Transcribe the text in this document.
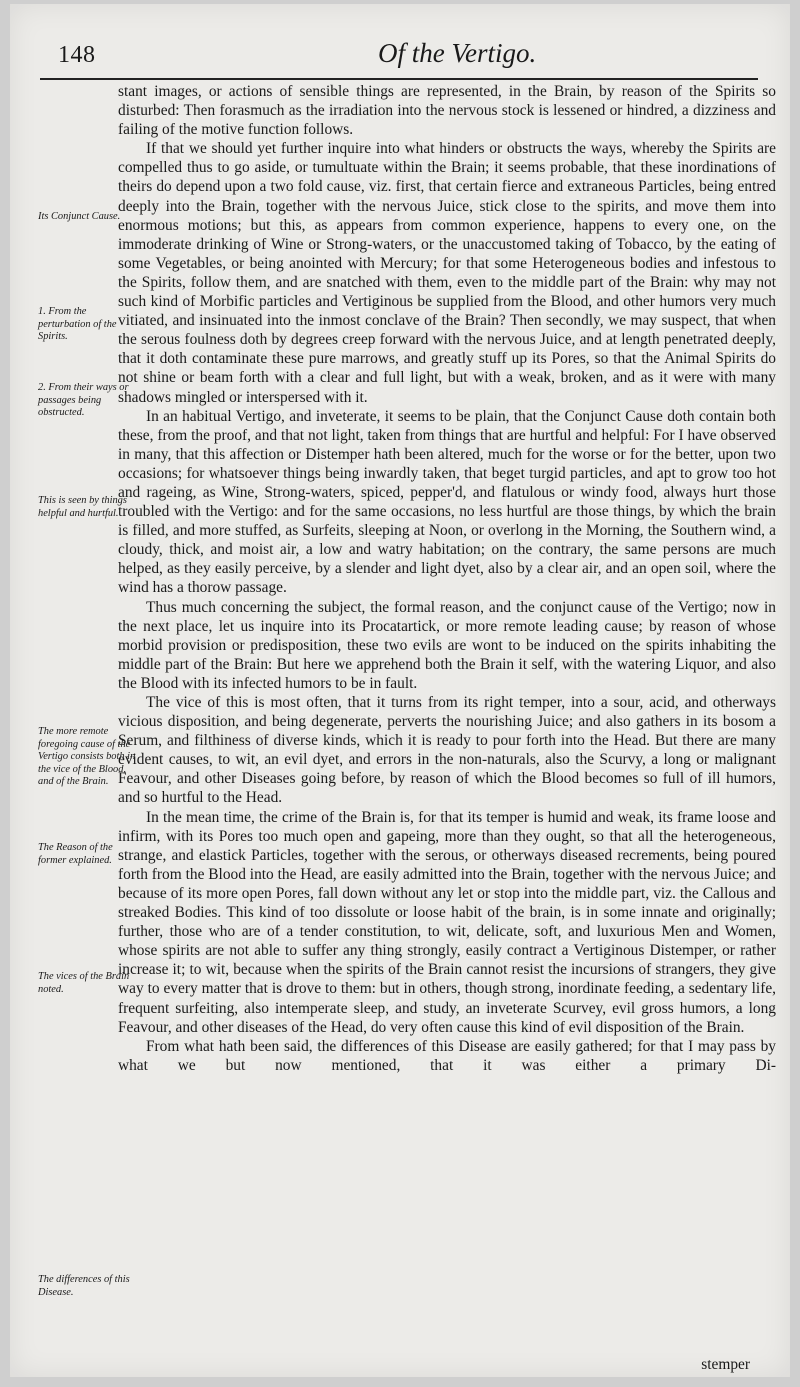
148	Of the Vertigo.
Its Conjunct Cause.
1. From the perturbation of the Spirits.
2. From their ways or passages being obstructed.
This is seen by things helpful and hurtful.
The more remote foregoing cause of the Vertigo consists both in the vice of the Blood, and of the Brain.
The Reason of the former explained.
The vices of the Brain noted.
The differences of this Disease.

stant images, or actions of sensible things are represented, in the Brain, by reason of the Spirits so disturbed: Then forasmuch as the irradiation into the nervous stock is lessened or hindred, a dizziness and failing of the motive function follows.

If that we should yet further inquire into what hinders or obstructs the ways, whereby the Spirits are compelled thus to go aside, or tumultuate within the Brain; it seems probable, that these inordinations of theirs do depend upon a two fold cause, viz. first, that certain fierce and extraneous Particles, being entred deeply into the Brain, together with the nervous Juice, stick close to the spirits, and move them into enormous motions; but this, as appears from common experience, happens to every one, on the immoderate drinking of Wine or Strong-waters, or the unaccustomed taking of Tobacco, by the eating of some Vegetables, or being anointed with Mercury; for that some Heterogeneous bodies and infestous to the Spirits, follow them, and are snatched with them, even to the middle part of the Brain: why may not such kind of Morbific particles and Vertiginous be supplied from the Blood, and other humors very much vitiated, and insinuated into the inmost conclave of the Brain? Then secondly, we may suspect, that when the serous foulness doth by degrees creep forward with the nervous Juice, and at length penetrated deeply, that it doth contaminate these pure marrows, and greatly stuff up its Pores, so that the Animal Spirits do not shine or beam forth with a clear and full light, but with a weak, broken, and as it were with many shadows mingled or interspersed with it.

In an habitual Vertigo, and inveterate, it seems to be plain, that the Conjunct Cause doth contain both these, from the proof, and that not light, taken from things that are hurtful and helpful: For I have observed in many, that this affection or Distemper hath been altered, much for the worse or for the better, upon two occasions; for whatsoever things being inwardly taken, that beget turgid particles, and apt to grow too hot and rageing, as Wine, Strong-waters, spiced, pepper'd, and flatulous or windy food, always hurt those troubled with the Vertigo: and for the same occasions, no less hurtful are those things, by which the brain is filled, and more stuffed, as Surfeits, sleeping at Noon, or overlong in the Morning, the Southern wind, a cloudy, thick, and moist air, a low and watry habitation; on the contrary, the same persons are much helped, as they easily perceive, by a slender and light dyet, also by a clear air, and an open soil, where the wind has a thorow passage.

Thus much concerning the subject, the formal reason, and the conjunct cause of the Vertigo; now in the next place, let us inquire into its Procatartick, or more remote leading cause; by reason of whose morbid provision or predisposition, these two evils are wont to be induced on the spirits inhabiting the middle part of the Brain: But here we apprehend both the Brain it self, with the watering Liquor, and also the Blood with its infected humors to be in fault.

The vice of this is most often, that it turns from its right temper, into a sour, acid, and otherways vicious disposition, and being degenerate, perverts the nourishing Juice; and also gathers in its bosom a Serum, and filthiness of diverse kinds, which it is ready to pour forth into the Head. But there are many evident causes, to wit, an evil dyet, and errors in the non-naturals, also the Scurvy, a long or malignant Feavour, and other Diseases going before, by reason of which the Blood becomes so full of ill humors, and so hurtful to the Head.

In the mean time, the crime of the Brain is, for that its temper is humid and weak, its frame loose and infirm, with its Pores too much open and gapeing, more than they ought, so that all the heterogeneous, strange, and elastick Particles, together with the serous, or otherways diseased recrements, being poured forth from the Blood into the Head, are easily admitted into the Brain, together with the nervous Juice; and because of its more open Pores, fall down without any let or stop into the middle part, viz. the Callous and streaked Bodies. This kind of too dissolute or loose habit of the brain, is in some innate and originally; further, those who are of a tender constitution, to wit, delicate, soft, and luxurious Men and Women, whose spirits are not able to suffer any thing strongly, easily contract a Vertiginous Distemper, or rather increase it; to wit, because when the spirits of the Brain cannot resist the incursions of strangers, they give way to every matter that is drove to them: but in others, though strong, inordinate feeding, a sedentary life, frequent surfeiting, also intemperate sleep, and study, an inveterate Scurvey, evil gross humors, a long Feavour, and other diseases of the Head, do very often cause this kind of evil disposition of the Brain.

From what hath been said, the differences of this Disease are easily gathered; for that I may pass by what we but now mentioned, that it was either a primary Di-

stemper
